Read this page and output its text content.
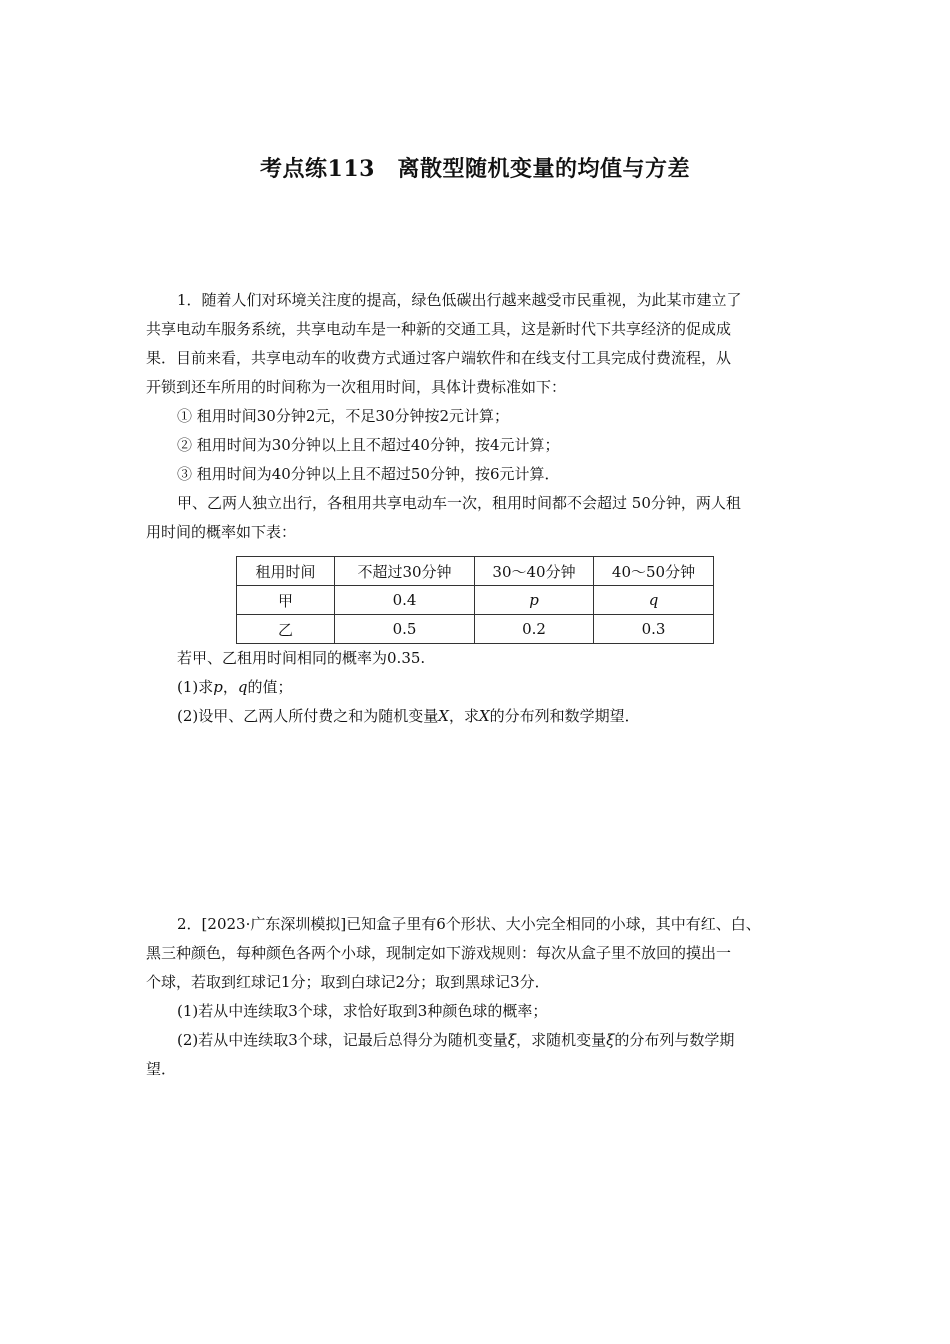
考点练113　离散型随机变量的均值与方差
1．随着人们对环境关注度的提高，绿色低碳出行越来越受市民重视，为此某市建立了
共享电动车服务系统，共享电动车是一种新的交通工具，这是新时代下共享经济的促成成
果．目前来看，共享电动车的收费方式通过客户端软件和在线支付工具完成付费流程，从
开锁到还车所用的时间称为一次租用时间，具体计费标准如下：
① 租用时间30分钟2元，不足30分钟按2元计算；
② 租用时间为30分钟以上且不超过40分钟，按4元计算；
③ 租用时间为40分钟以上且不超过50分钟，按6元计算．
甲、乙两人独立出行，各租用共享电动车一次，租用时间都不会超过 50分钟，两人租
用时间的概率如下表：
租用时间	不超过30分钟	30～40分钟	40～50分钟
甲	0.4	p	q
乙	0.5	0.2	0.3
若甲、乙租用时间相同的概率为0.35.
(1)求p，q的值；
(2)设甲、乙两人所付费之和为随机变量X，求X的分布列和数学期望．
2．[2023·广东深圳模拟]已知盒子里有6个形状、大小完全相同的小球，其中有红、白、
黑三种颜色，每种颜色各两个小球，现制定如下游戏规则：每次从盒子里不放回的摸出一
个球，若取到红球记1分；取到白球记2分；取到黑球记3分．
(1)若从中连续取3个球，求恰好取到3种颜色球的概率；
(2)若从中连续取3个球，记最后总得分为随机变量ξ，求随机变量ξ的分布列与数学期
望．
